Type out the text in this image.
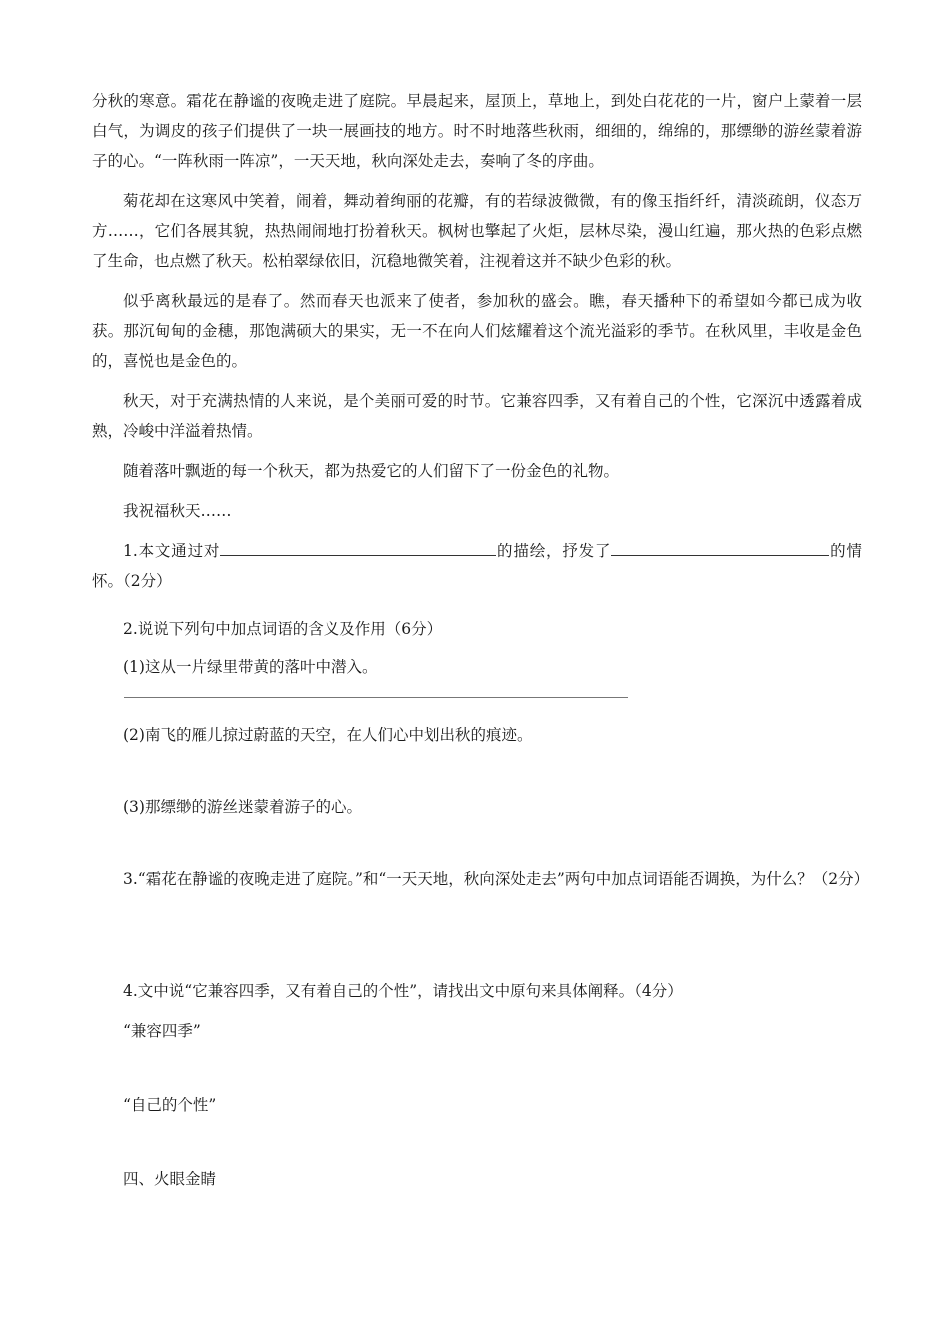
分秋的寒意。霜花在静谧的夜晚走进了庭院。早晨起来，屋顶上，草地上，到处白花花的一片，窗户上蒙着一层白气，为调皮的孩子们提供了一块一展画技的地方。时不时地落些秋雨，细细的，绵绵的，那缥缈的游丝蒙着游子的心。“一阵秋雨一阵凉”，一天天地，秋向深处走去，奏响了冬的序曲。

菊花却在这寒风中笑着，闹着，舞动着绚丽的花瓣，有的若绿波微微，有的像玉指纤纤，清淡疏朗，仪态万方……，它们各展其貌，热热闹闹地打扮着秋天。枫树也擎起了火炬，层林尽染，漫山红遍，那火热的色彩点燃了生命，也点燃了秋天。松柏翠绿依旧，沉稳地微笑着，注视着这并不缺少色彩的秋。

似乎离秋最远的是春了。然而春天也派来了使者，参加秋的盛会。瞧，春天播种下的希望如今都已成为收获。那沉甸甸的金穗，那饱满硕大的果实，无一不在向人们炫耀着这个流光溢彩的季节。在秋风里，丰收是金色的，喜悦也是金色的。

秋天，对于充满热情的人来说，是个美丽可爱的时节。它兼容四季，又有着自己的个性，它深沉中透露着成熟，冷峻中洋溢着热情。

随着落叶飘逝的每一个秋天，都为热爱它的人们留下了一份金色的礼物。

我祝福秋天……

1.本文通过对	的描绘，抒发了	的情怀。（2分）

2.说说下列句中加点词语的含义及作用（6分）

(1)这从一片绿里带黄的落叶中潜入。

(2)南飞的雁儿掠过蔚蓝的天空，在人们心中划出秋的痕迹。

(3)那缥缈的游丝迷蒙着游子的心。

3.“霜花在静谧的夜晚走进了庭院。”和“一天天地，秋向深处走去”两句中加点词语能否调换，为什么？（2分）

4.文中说“它兼容四季，又有着自己的个性”，请找出文中原句来具体阐释。（4分）

“兼容四季”

“自己的个性”

四、火眼金睛
